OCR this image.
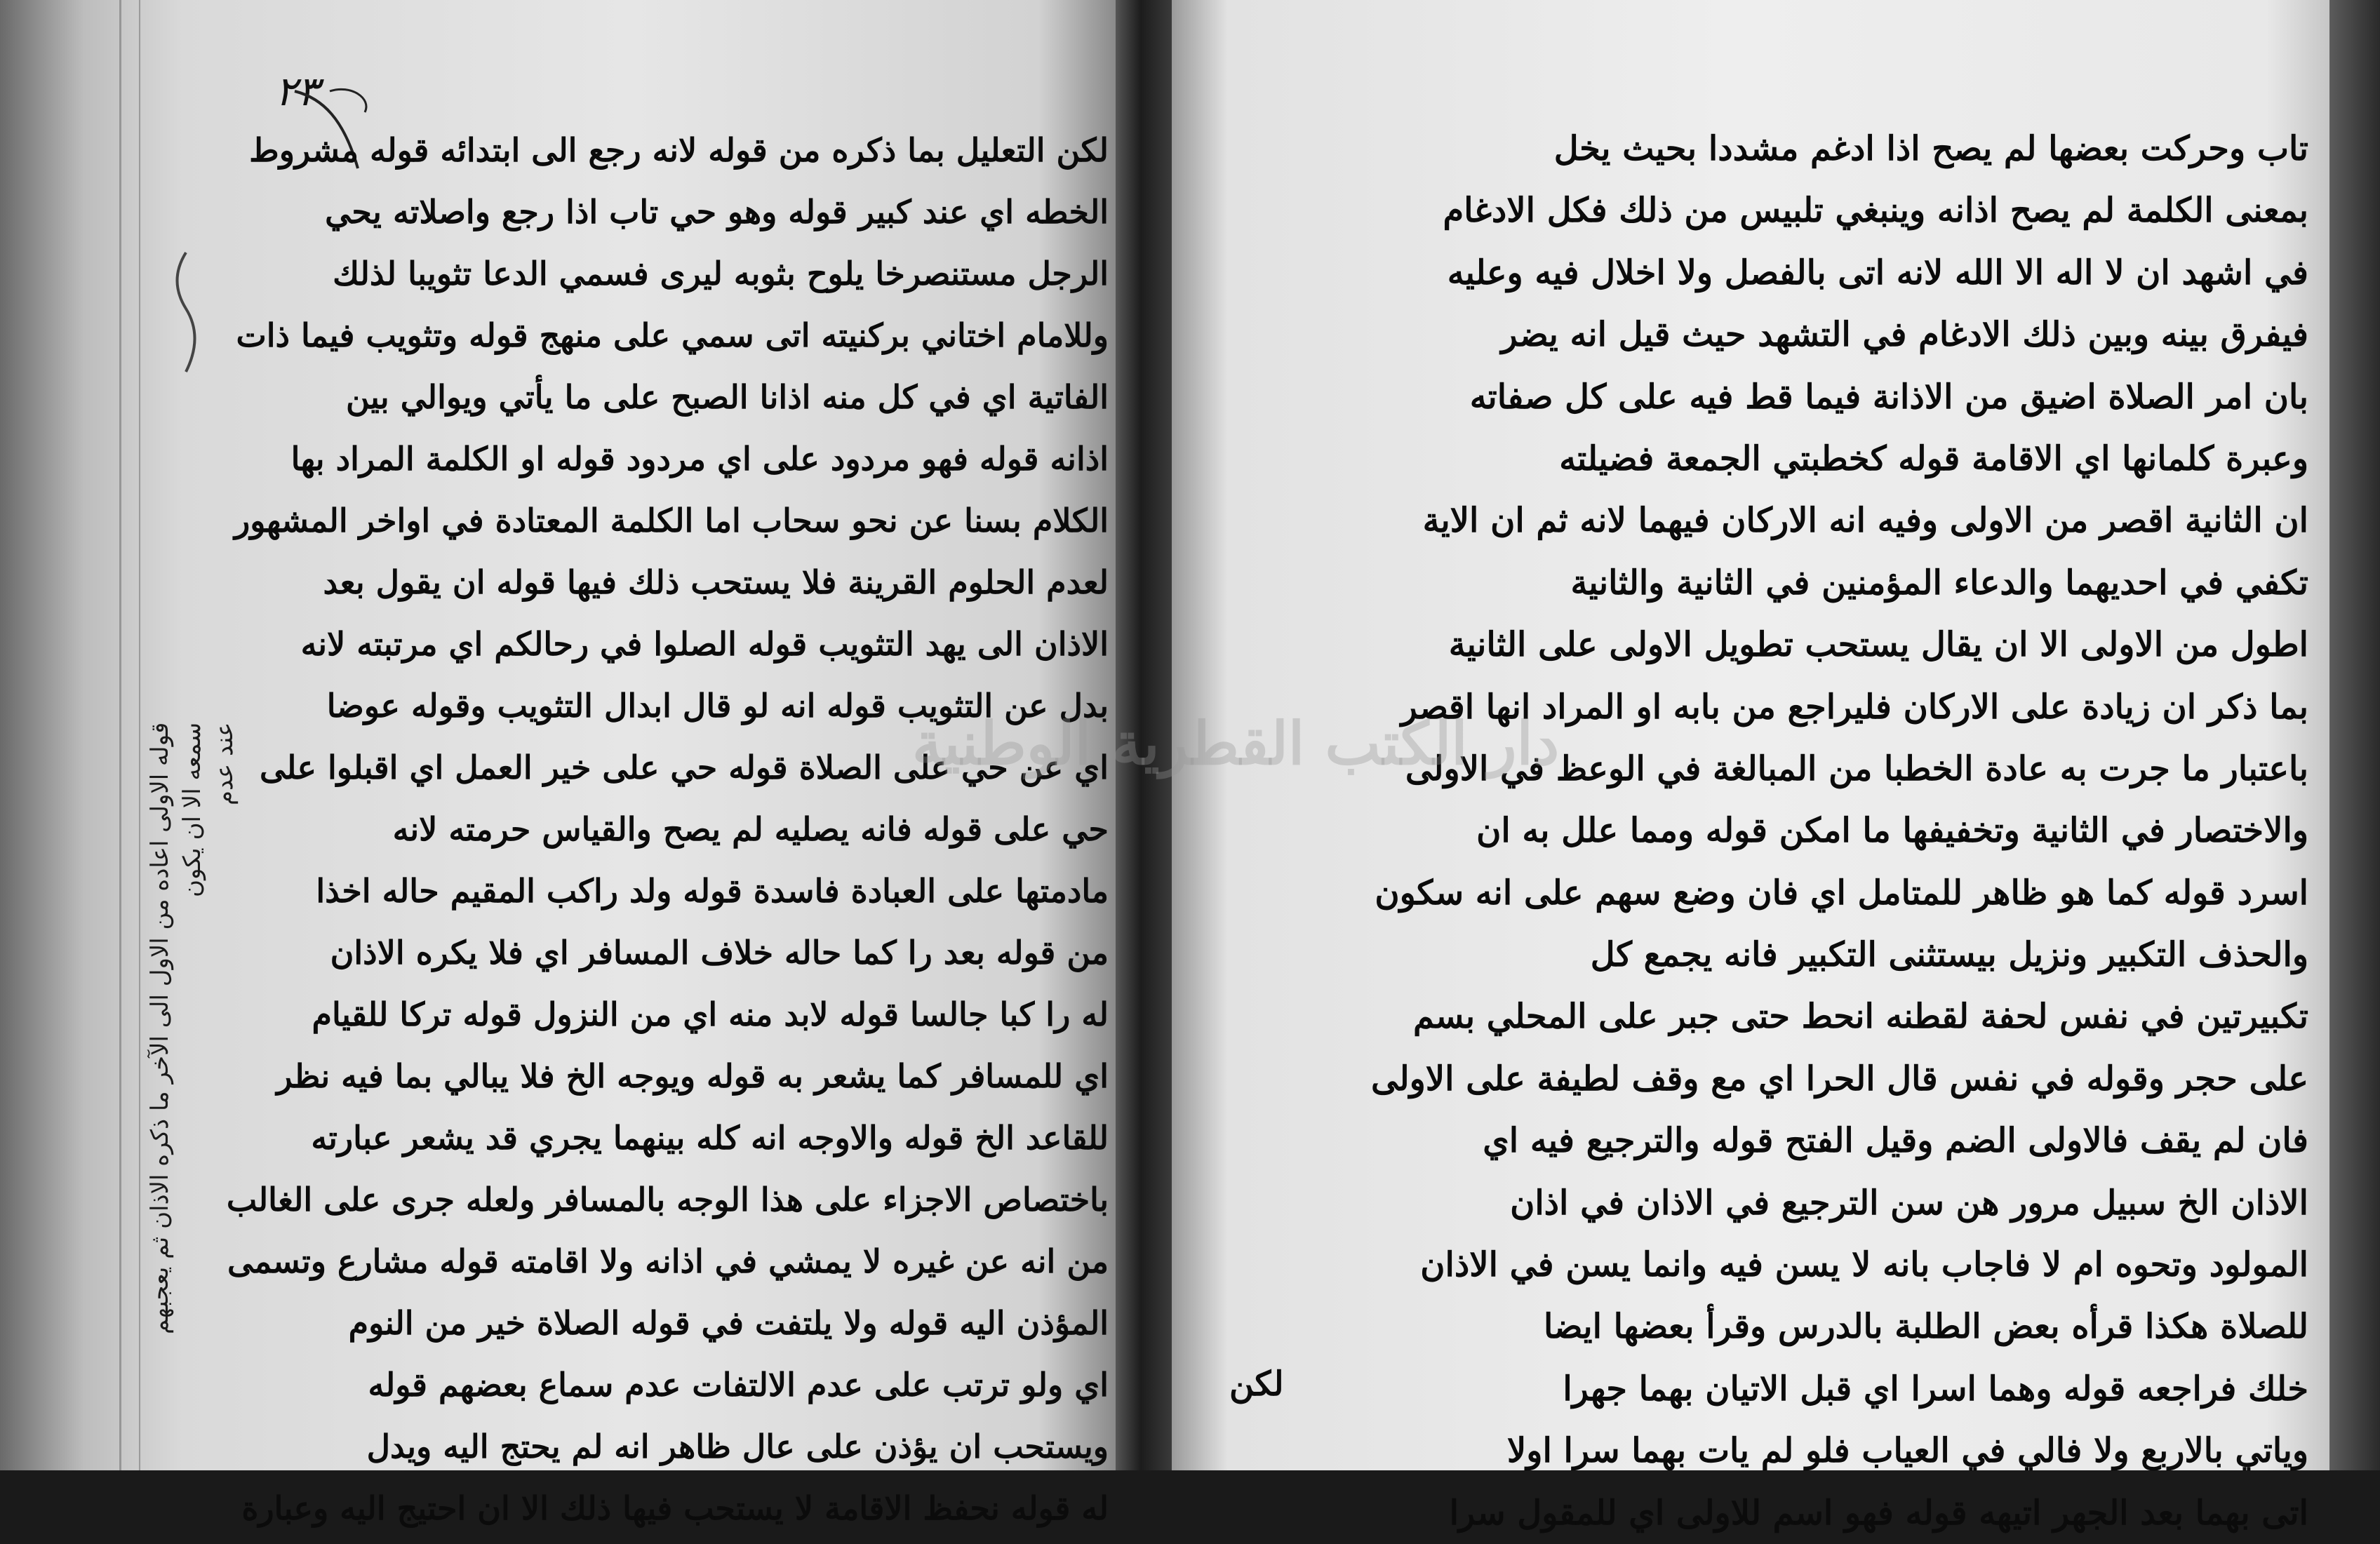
٢٣
قوله الاولى اعاده من الاول الى الآخر ما ذكره الاذان ثم يعجبهم سمعه الا ان يكون عند عدم
لكن التعليل بما ذكره من قوله لانه رجع الى ابتدائه قوله مشروط
الخطه اي عند كبير قوله وهو حي تاب اذا رجع واصلاته يحي
الرجل مستنصرخا يلوح بثوبه ليرى فسمي الدعا تثويبا لذلك
وللامام اختاني بركنيته اتى سمي على منهج قوله وتثويب فيما ذات
الفاتية اي في كل منه اذانا الصبح على ما يأتي ويوالي بين
اذانه قوله فهو مردود على اي مردود قوله او الكلمة المراد بها
الكلام بسنا عن نحو سحاب اما الكلمة المعتادة في اواخر المشهور
لعدم الحلوم القرينة فلا يستحب ذلك فيها قوله ان يقول بعد
الاذان الى يهد التثويب قوله الصلوا في رحالكم اي مرتبته لانه
بدل عن التثويب قوله انه لو قال ابدال التثويب وقوله عوضا
اي عن حي على الصلاة قوله حي على خير العمل اي اقبلوا على
حي على قوله فانه يصليه لم يصح والقياس حرمته لانه
مادمتها على العبادة فاسدة قوله ولد راكب المقيم حاله اخذا
من قوله بعد را كما حاله خلاف المسافر اي فلا يكره الاذان
له را كبا جالسا قوله لابد منه اي من النزول قوله تركا للقيام
اي للمسافر كما يشعر به قوله ويوجه الخ فلا يبالي بما فيه نظر
للقاعد الخ قوله والاوجه انه كله بينهما يجري قد يشعر عبارته
باختصاص الاجزاء على هذا الوجه بالمسافر ولعله جرى على الغالب
من انه عن غيره لا يمشي في اذانه ولا اقامته قوله مشارع وتسمى
المؤذن اليه قوله ولا يلتفت في قوله الصلاة خير من النوم
اي ولو ترتب على عدم الالتفات عدم سماع بعضهم قوله
ويستحب ان يؤذن على عال ظاهر انه لم يحتج اليه ويدل
له قوله نحفظ الاقامة لا يستحب فيها ذلك الا ان احتيج اليه وعبارة
تاب وحركت بعضها لم يصح اذا ادغم مشددا بحيث يخل
بمعنى الكلمة لم يصح اذانه وينبغي تلبيس من ذلك فكل الادغام
في اشهد ان لا اله الا الله لانه اتى بالفصل ولا اخلال فيه وعليه
فيفرق بينه وبين ذلك الادغام في التشهد حيث قيل انه يضر
بان امر الصلاة اضيق من الاذانة فيما قط فيه على كل صفاته
وعبرة كلمانها اي الاقامة قوله كخطبتي الجمعة فضيلته
ان الثانية اقصر من الاولى وفيه انه الاركان فيهما لانه ثم ان الاية
تكفي في احديهما والدعاء المؤمنين في الثانية والثانية
اطول من الاولى الا ان يقال يستحب تطويل الاولى على الثانية
بما ذكر ان زيادة على الاركان فليراجع من بابه او المراد انها اقصر
باعتبار ما جرت به عادة الخطبا من المبالغة في الوعظ في الاولى
والاختصار في الثانية وتخفيفها ما امكن قوله ومما علل به ان
اسرد قوله كما هو ظاهر للمتامل اي فان وضع سهم على انه سكون
والحذف التكبير ونزيل بيستثنى التكبير فانه يجمع كل
تكبيرتين في نفس لحفة لقطنه انحط حتى جبر على المحلي بسم
على حجر وقوله في نفس قال الحرا اي مع وقف لطيفة على الاولى
فان لم يقف فالاولى الضم وقيل الفتح قوله والترجيع فيه اي
الاذان الخ سبيل مرور هن سن الترجيع في الاذان في اذان
المولود وتحوه ام لا فاجاب بانه لا يسن فيه وانما يسن في الاذان
للصلاة هكذا قرأه بعض الطلبة بالدرس وقرأ بعضها ايضا
خلك فراجعه قوله وهما اسرا اي قبل الاتيان بهما جهرا
وياتي بالاربع ولا فالي في العياب فلو لم يات بهما سرا اولا
اتى بهما بعد الجهر اتيهه قوله فهو اسم للاولى اي للمقول سرا
لكن
دار الكتب القطرية الوطنية
